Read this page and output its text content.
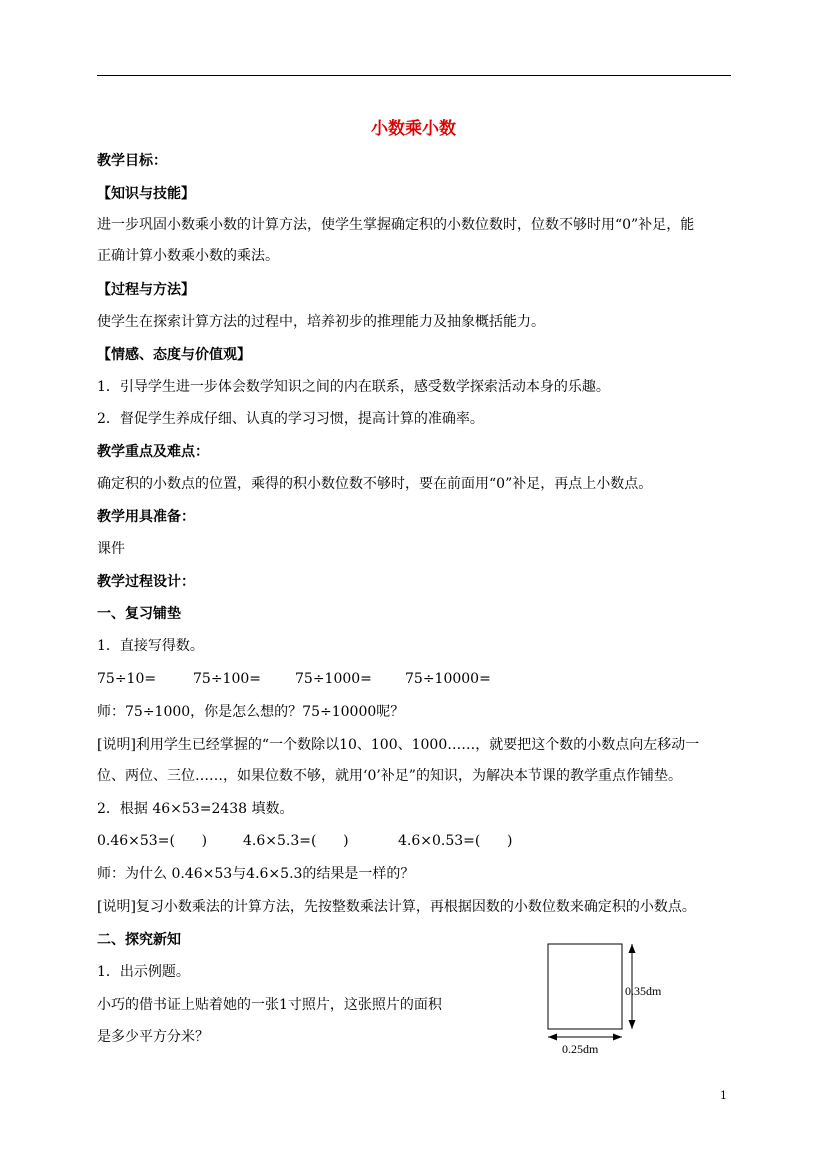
小数乘小数
教学目标：
【知识与技能】
进一步巩固小数乘小数的计算方法，使学生掌握确定积的小数位数时，位数不够时用“0”补足，能
正确计算小数乘小数的乘法。
【过程与方法】
使学生在探索计算方法的过程中，培养初步的推理能力及抽象概括能力。
【情感、态度与价值观】
1．引导学生进一步体会数学知识之间的内在联系，感受数学探索活动本身的乐趣。
2．督促学生养成仔细、认真的学习习惯，提高计算的准确率。
教学重点及难点：
确定积的小数点的位置，乘得的积小数位数不够时，要在前面用“0”补足，再点上小数点。
教学用具准备：
课件
教学过程设计：
一、复习铺垫
1．直接写得数。
75÷10=	75÷100= 75÷1000= 75÷10000=
师：75÷1000，你是怎么想的？75÷10000呢？
[说明]利用学生已经掌握的“一个数除以10、100、1000……，就要把这个数的小数点向左移动一
位、两位、三位……，如果位数不够，就用‘0’补足”的知识，为解决本节课的教学重点作铺垫。
2．根据 46×53=2438 填数。
0.46×53=(      )	4.6×5.3=(      )	4.6×0.53=(      )
师：为什么 0.46×53与4.6×5.3的结果是一样的？
[说明]复习小数乘法的计算方法，先按整数乘法计算，再根据因数的小数位数来确定积的小数点。
二、探究新知
1．出示例题。
小巧的借书证上贴着她的一张1寸照片，这张照片的面积
是多少平方分米？
0.35dm
0.25dm
1
